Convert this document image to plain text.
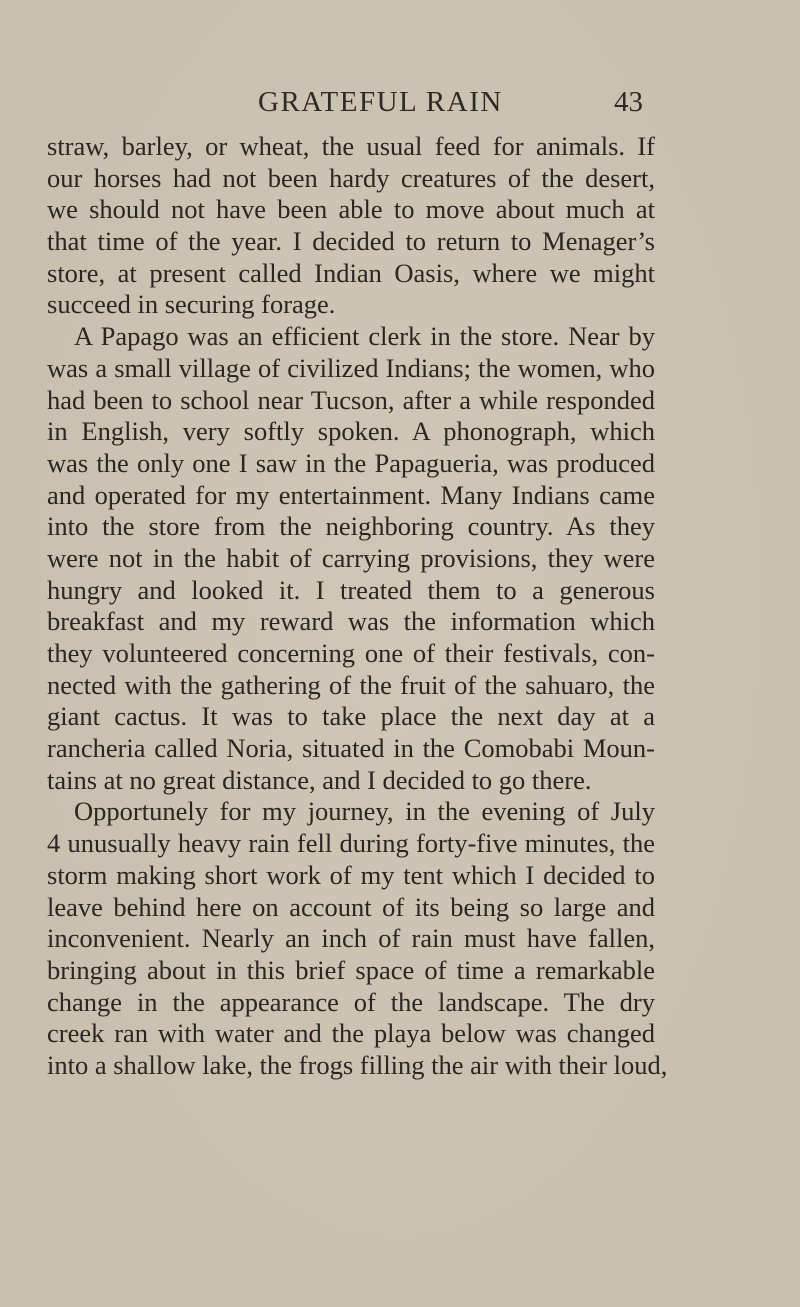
GRATEFUL RAIN	43
straw, barley, or wheat, the usual feed for animals. If
our horses had not been hardy creatures of the desert,
we should not have been able to move about much at
that time of the year. I decided to return to Menager’s
store, at present called Indian Oasis, where we might
succeed in securing forage.
A Papago was an efficient clerk in the store. Near by
was a small village of civilized Indians; the women, who
had been to school near Tucson, after a while responded
in English, very softly spoken. A phonograph, which
was the only one I saw in the Papagueria, was produced
and operated for my entertainment. Many Indians came
into the store from the neighboring country. As they
were not in the habit of carrying provisions, they were
hungry and looked it. I treated them to a generous
breakfast and my reward was the information which
they volunteered concerning one of their festivals, con-
nected with the gathering of the fruit of the sahuaro, the
giant cactus. It was to take place the next day at a
rancheria called Noria, situated in the Comobabi Moun-
tains at no great distance, and I decided to go there.
Opportunely for my journey, in the evening of July
4 unusually heavy rain fell during forty-five minutes, the
storm making short work of my tent which I decided to
leave behind here on account of its being so large and
inconvenient. Nearly an inch of rain must have fallen,
bringing about in this brief space of time a remarkable
change in the appearance of the landscape. The dry
creek ran with water and the playa below was changed
into a shallow lake, the frogs filling the air with their loud,
